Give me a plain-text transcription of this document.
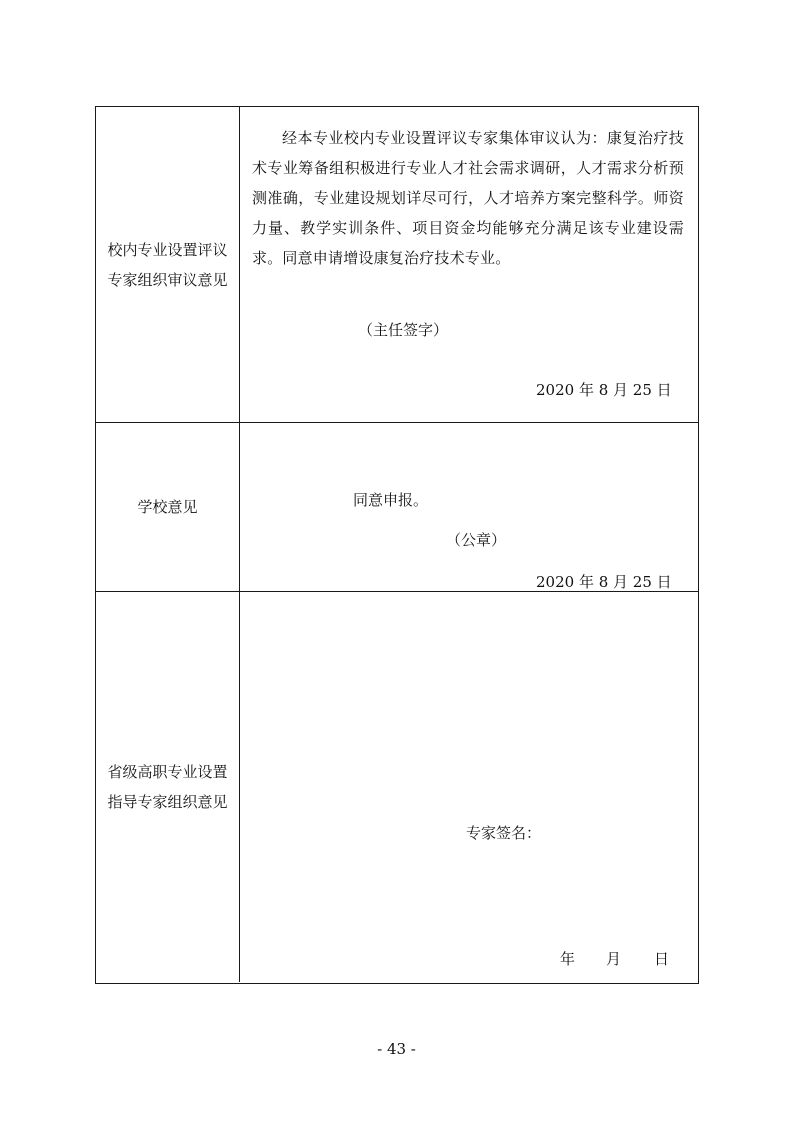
校内专业设置评议
专家组织审议意见
经本专业校内专业设置评议专家集体审议认为：康复治疗技术专业筹备组积极进行专业人才社会需求调研，人才需求分析预测准确，专业建设规划详尽可行，人才培养方案完整科学。师资力量、教学实训条件、项目资金均能够充分满足该专业建设需求。同意申请增设康复治疗技术专业。
（主任签字）
2020 年 8 月 25 日
学校意见	同意申报。
（公章）
2020 年 8 月 25 日
省级高职专业设置
指导专家组织意见
专家签名：
年 月 日
- 43 -
